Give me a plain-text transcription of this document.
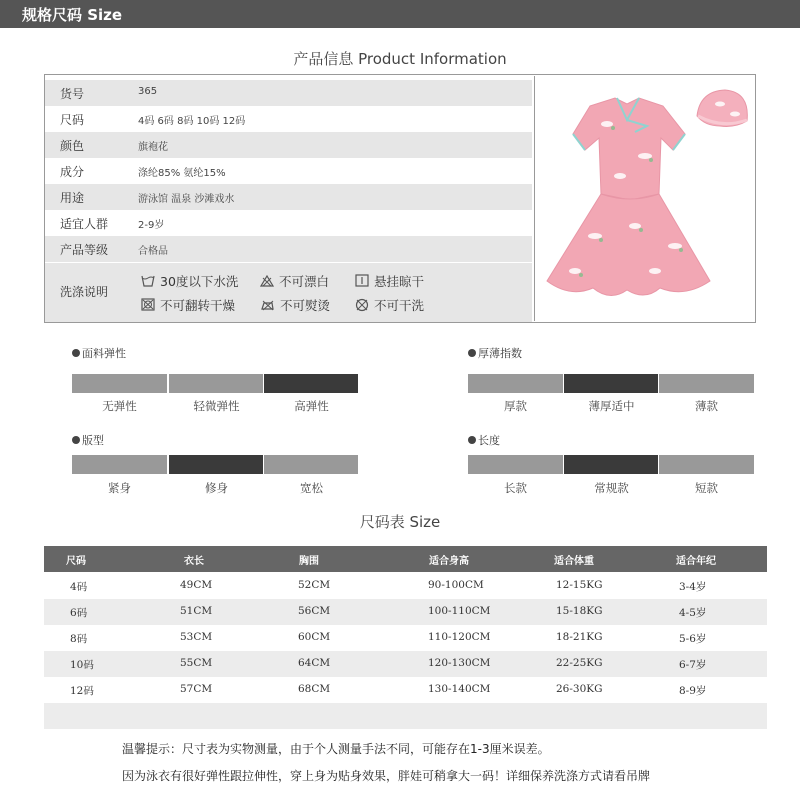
规格尺码 Size
产品信息 Product Information
货号	365
尺码	4码 6码 8码 10码 12码
颜色	旗袍花
成分	涤纶85% 氨纶15%
用途	游泳馆 温泉 沙滩戏水
适宜人群	2-9岁
产品等级	合格品
洗涤说明
30度以下水洗	不可漂白	悬挂晾干
不可翻转干燥	不可熨烫	不可干洗
面料弹性
无弹性	轻微弹性	高弹性
厚薄指数
厚款	薄厚适中	薄款
版型
紧身	修身	宽松
长度
长款	常规款	短款
尺码表 Size
尺码	衣长	胸围	适合身高	适合体重	适合年纪
4码	49CM	52CM	90-100CM	12-15KG	3-4岁
6码	51CM	56CM	100-110CM	15-18KG	4-5岁
8码	53CM	60CM	110-120CM	18-21KG	5-6岁
10码	55CM	64CM	120-130CM	22-25KG	6-7岁
12码	57CM	68CM	130-140CM	26-30KG	8-9岁
温馨提示：尺寸表为实物测量，由于个人测量手法不同，可能存在1-3厘米误差。
因为泳衣有很好弹性跟拉伸性，穿上身为贴身效果，胖娃可稍拿大一码！详细保养洗涤方式请看吊牌
